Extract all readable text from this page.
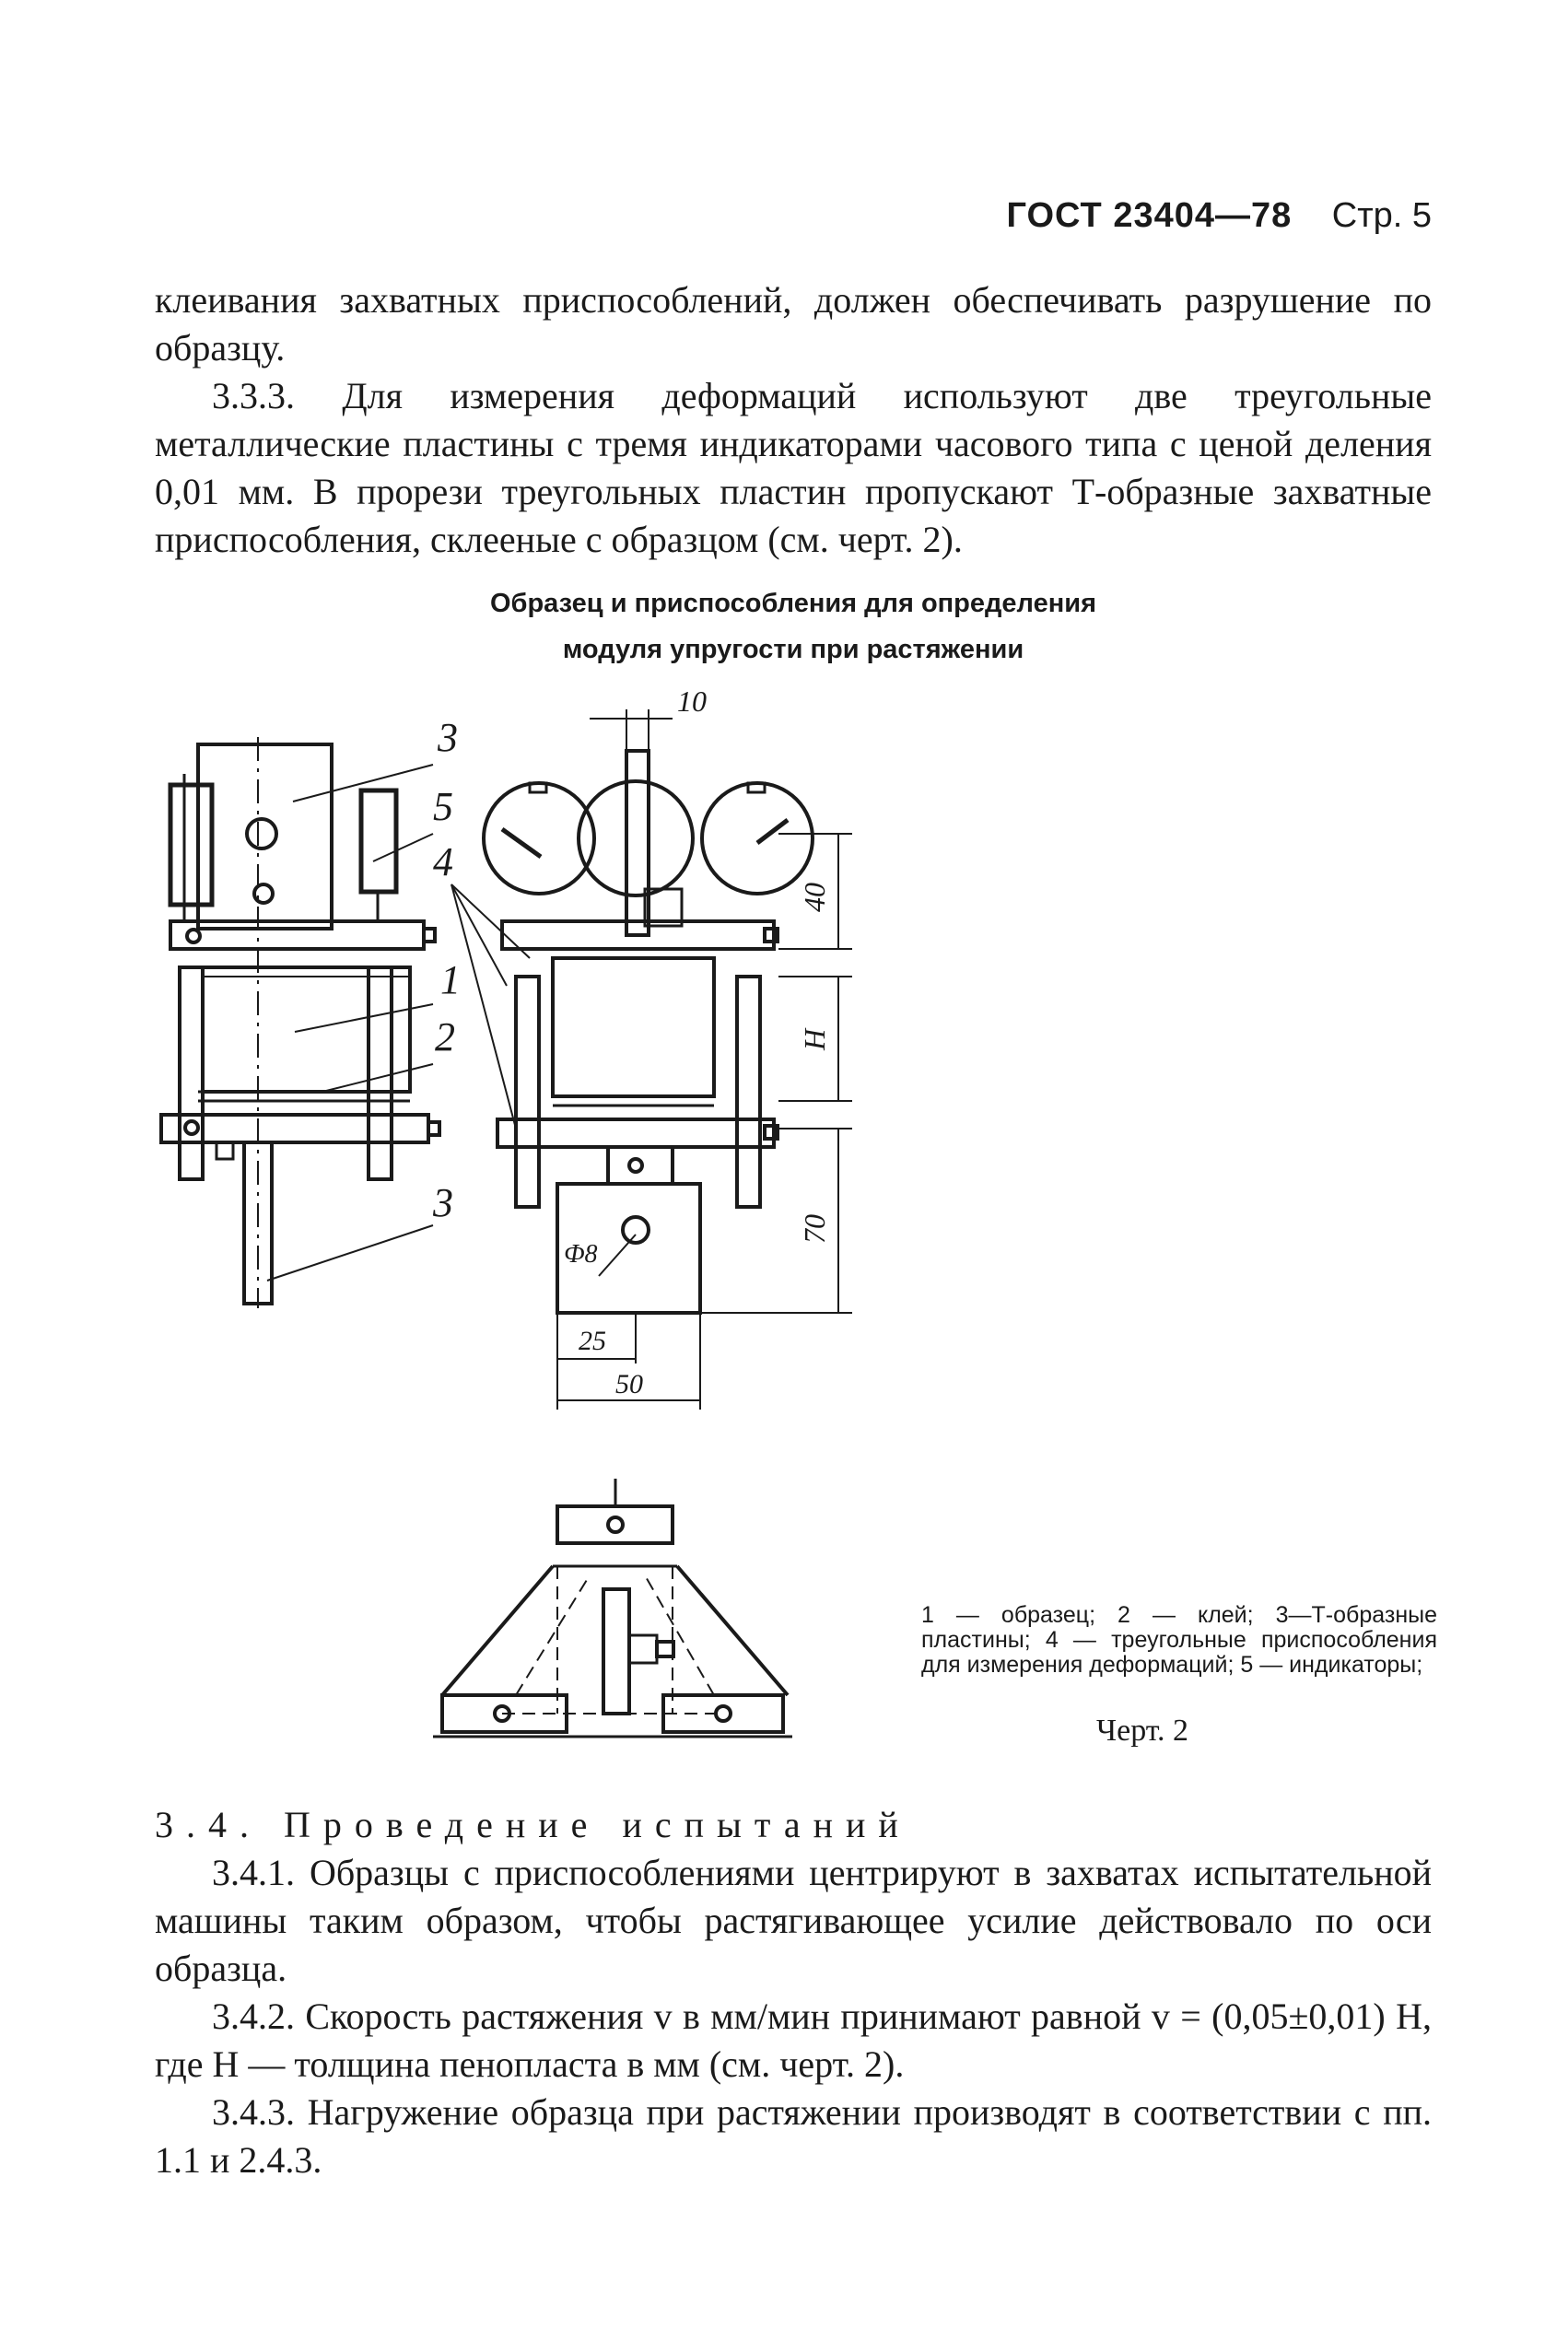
ГОСТ 23404—78 Стр. 5

клеивания захватных приспособлений, должен обеспечивать разрушение по образцу.

3.3.3. Для измерения деформаций используют две треугольные металлические пластины с тремя индикаторами часового типа с ценой деления 0,01 мм. В прорези треугольных пластин пропускают Т-образные захватные приспособления, склееные с образцом (см. черт. 2).

Образец и приспособления для определения
модуля упругости при растяжении
3
5
4
1
2
3
10
40
H
70
25
50
Ф8
1 — образец; 2 — клей; 3—Т-образные пластины; 4 — треугольные приспособления для измерения деформаций; 5 — индикаторы;
Черт. 2

3.4. Проведение испытаний

3.4.1. Образцы с приспособлениями центрируют в захватах испытательной машины таким образом, чтобы растягивающее усилие действовало по оси образца.

3.4.2. Скорость растяжения v в мм/мин принимают равной v = (0,05±0,01) H, где H — толщина пенопласта в мм (см. черт. 2).

3.4.3. Нагружение образца при растяжении производят в соответствии с пп. 1.1 и 2.4.3.
